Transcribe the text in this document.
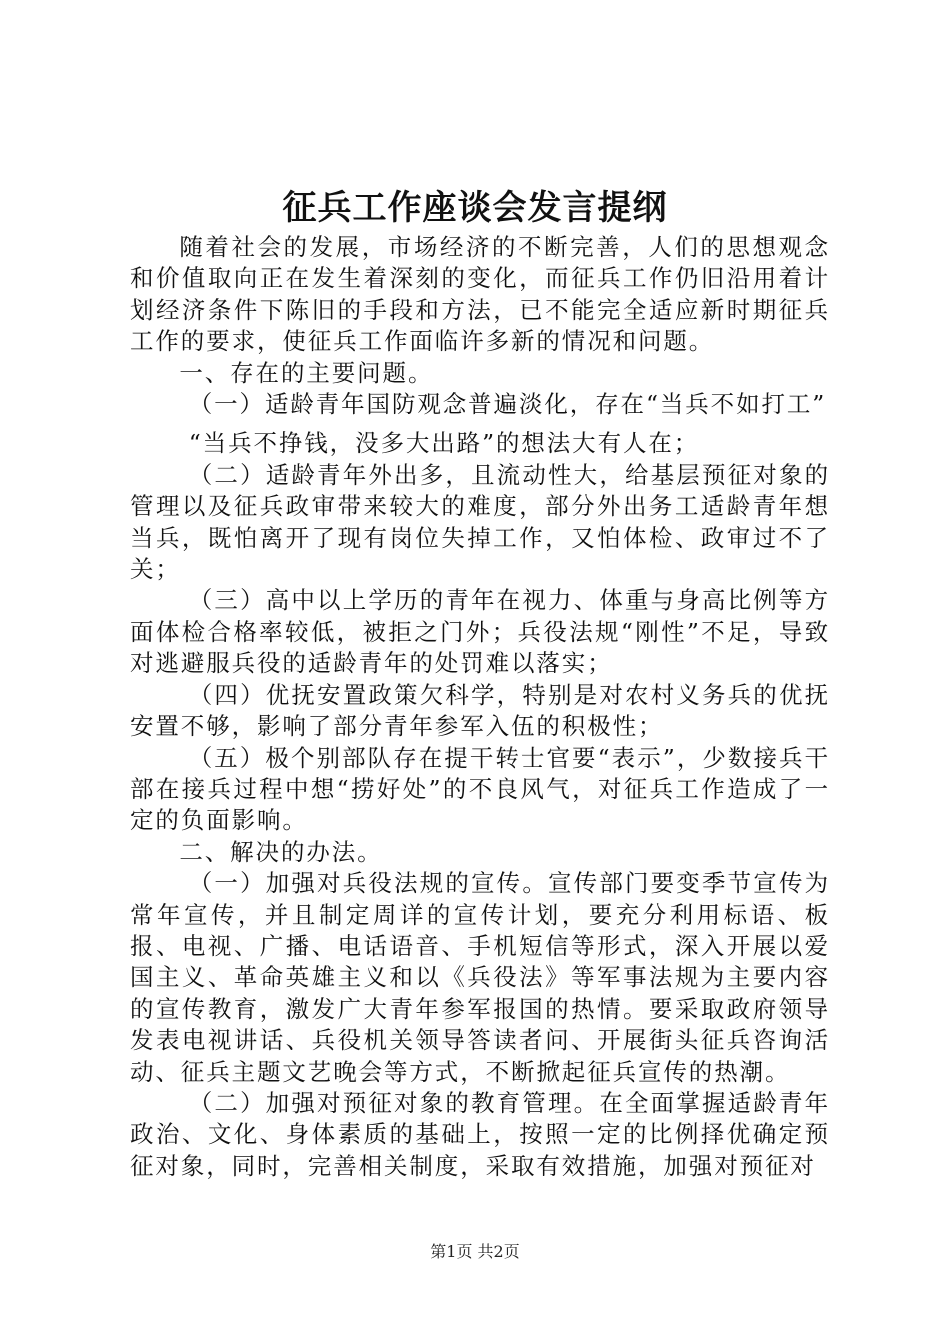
征兵工作座谈会发言提纲

随着社会的发展，市场经济的不断完善，人们的思想观念和价值取向正在发生着深刻的变化，而征兵工作仍旧沿用着计划经济条件下陈旧的手段和方法，已不能完全适应新时期征兵工作的要求，使征兵工作面临许多新的情况和问题。

一、存在的主要问题。

（一）适龄青年国防观念普遍淡化，存在“当兵不如打工”

“当兵不挣钱，没多大出路”的想法大有人在；

（二）适龄青年外出多，且流动性大，给基层预征对象的管理以及征兵政审带来较大的难度，部分外出务工适龄青年想当兵，既怕离开了现有岗位失掉工作，又怕体检、政审过不了关；

（三）高中以上学历的青年在视力、体重与身高比例等方面体检合格率较低，被拒之门外；兵役法规“刚性”不足，导致对逃避服兵役的适龄青年的处罚难以落实；

（四）优抚安置政策欠科学，特别是对农村义务兵的优抚安置不够，影响了部分青年参军入伍的积极性；

（五）极个别部队存在提干转士官要“表示”，少数接兵干部在接兵过程中想“捞好处”的不良风气，对征兵工作造成了一定的负面影响。

二、解决的办法。

（一）加强对兵役法规的宣传。宣传部门要变季节宣传为常年宣传，并且制定周详的宣传计划，要充分利用标语、板报、电视、广播、电话语音、手机短信等形式，深入开展以爱国主义、革命英雄主义和以《兵役法》等军事法规为主要内容的宣传教育，激发广大青年参军报国的热情。要采取政府领导发表电视讲话、兵役机关领导答读者问、开展街头征兵咨询活动、征兵主题文艺晚会等方式，不断掀起征兵宣传的热潮。

（二）加强对预征对象的教育管理。在全面掌握适龄青年政治、文化、身体素质的基础上，按照一定的比例择优确定预征对象，同时，完善相关制度，采取有效措施，加强对预征对

第1页 共2页
